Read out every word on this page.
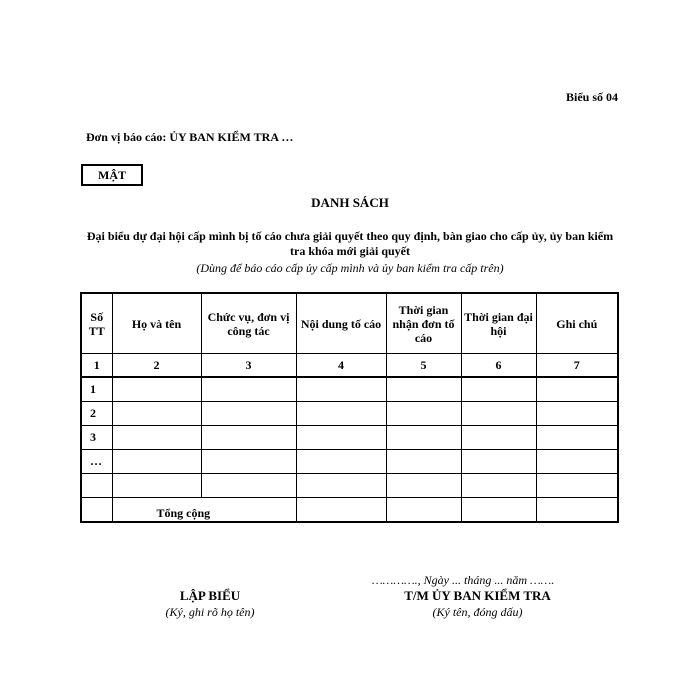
Biểu số 04
Đơn vị báo cáo: ỦY BAN KIỂM TRA …
MẬT
DANH SÁCH
Đại biểu dự đại hội cấp mình bị tố cáo chưa giải quyết theo quy định, bàn giao cho cấp ủy, ủy ban kiểm tra khóa mới giải quyết
(Dùng để báo cáo cấp ủy cấp mình và ủy ban kiểm tra cấp trên)
Số TT	Họ và tên	Chức vụ, đơn vị công tác	Nội dung tố cáo	Thời gian nhận đơn tố cáo	Thời gian đại hội	Ghi chú
1	2	3	4	5	6	7
1						
2						
3						
…						

	Tổng cộng					
…………., Ngày ... tháng ... năm …….
LẬP BIỂU
(Ký, ghi rõ họ tên)
T/M ỦY BAN KIỂM TRA
(Ký tên, đóng dấu)
